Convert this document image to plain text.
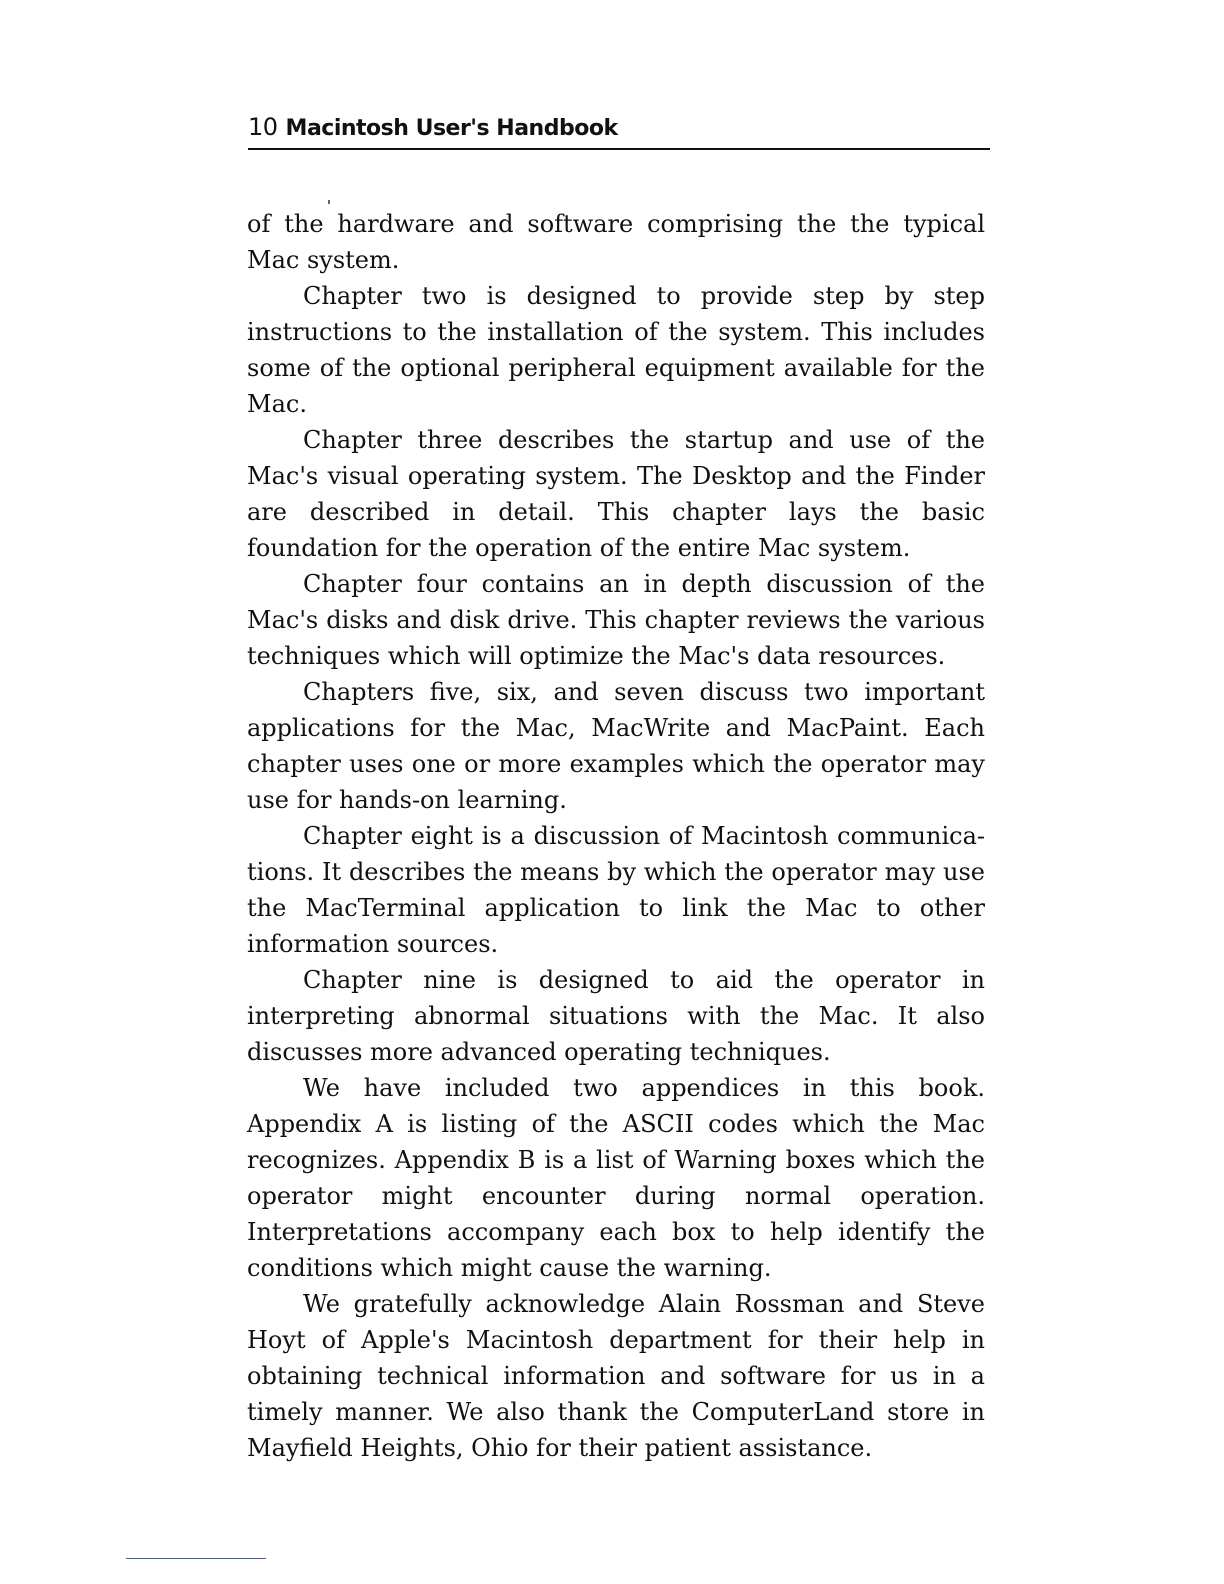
10 Macintosh User's Handbook

of the hardware and software comprising the the typical Mac system.

Chapter two is designed to provide step by step instructions to the installation of the system. This includes some of the optional peripheral equipment available for the Mac.

Chapter three describes the startup and use of the Mac's visual operating system. The Desktop and the Finder are described in detail. This chapter lays the basic foundation for the operation of the entire Mac system.

Chapter four contains an in depth discussion of the Mac's disks and disk drive. This chapter reviews the various techniques which will optimize the Mac's data resources.

Chapters five, six, and seven discuss two important applications for the Mac, MacWrite and MacPaint. Each chapter uses one or more examples which the operator may use for hands-on learning.

Chapter eight is a discussion of Macintosh communications. It describes the means by which the operator may use the MacTerminal application to link the Mac to other information sources.

Chapter nine is designed to aid the operator in interpreting abnormal situations with the Mac. It also discusses more advanced operating techniques.

We have included two appendices in this book. Appendix A is listing of the ASCII codes which the Mac recognizes. Appendix B is a list of Warning boxes which the operator might encounter during normal operation. Interpretations accompany each box to help identify the conditions which might cause the warning.

We gratefully acknowledge Alain Rossman and Steve Hoyt of Apple's Macintosh department for their help in obtaining technical information and software for us in a timely manner. We also thank the ComputerLand store in Mayfield Heights, Ohio for their patient assistance.
